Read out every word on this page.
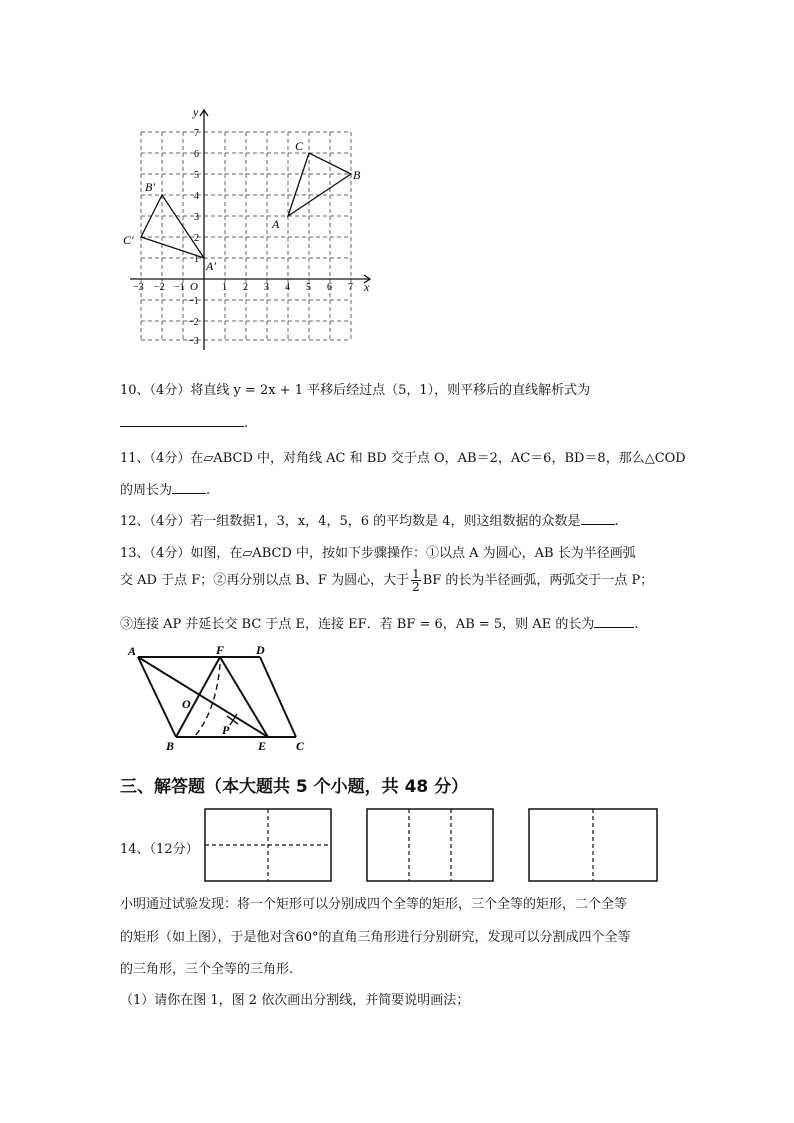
x
y
O
−3 −2 −1	1 2 3 4 5 6 7
7
6
5
4
3
2
1
−1
−2
−3
A
B
C
A′
B′
C′
10、（4分）将直线 y = 2x + 1 平移后经过点（5，1），则平移后的直线解析式为
.
11、（4分）在▱ABCD 中，对角线 AC 和 BD 交于点 O，AB＝2，AC＝6，BD＝8，那么△COD
的周长为	.
12、（4分）若一组数据1，3，x，4，5，6 的平均数是 4，则这组数据的众数是	.
13、（4分）如图，在▱ABCD 中，按如下步骤操作：①以点 A 为圆心，AB 长为半径画弧
交 AD 于点 F；②再分别以点 B、F 为圆心，大于 $\frac{1}{2}$ BF 的长为半径画弧，两弧交于一点 P；
③连接 AP 并延长交 BC 于点 E，连接 EF．若 BF = 6，AB = 5，则 AE 的长为	.
A	F	D
O
P
B	E C
三、解答题（本大题共 5 个小题，共 48 分）
14、（12分）
小明通过试验发现：将一个矩形可以分别成四个全等的矩形，三个全等的矩形，二个全等
的矩形（如上图），于是他对含60°的直角三角形进行分别研究，发现可以分割成四个全等
的三角形，三个全等的三角形.
（1）请你在图 1，图 2 依次画出分割线，并简要说明画法；
